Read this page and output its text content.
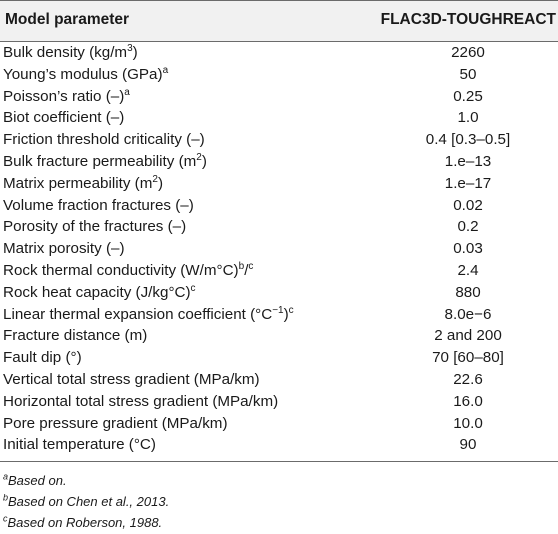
Model parameter	FLAC3D-TOUGHREACT
Bulk density $(kg/m^3)$	2260
Young’s modulus (GPa)$^a$	50
Poisson’s ratio $(-)^a$	0.25
Biot coefficient (–)	1.0
Friction threshold criticality (–)	0.4 [0.3–0.5]
Bulk fracture permeability $(m^2)$	1.e–13
Matrix permeability $(m^2)$	1.e–17
Volume fraction fractures (–)	0.02
Porosity of the fractures (–)	0.2
Matrix porosity (–)	0.03
Rock thermal conductivity $(W/m^\circ C)^b/^c$	2.4
Rock heat capacity $(J/kg^\circ C)^c$	880
Linear thermal expansion coefficient $(^\circ C^{-1})^c$	8.0e−6
Fracture distance (m)	2 and 200
Fault dip (°)	70 [60–80]
Vertical total stress gradient (MPa/km)	22.6
Horizontal total stress gradient (MPa/km)	16.0
Pore pressure gradient (MPa/km)	10.0
Initial temperature (°C)	90
$^a$Based on.
$^b$Based on Chen et al., 2013.
$^c$Based on Roberson, 1988.
